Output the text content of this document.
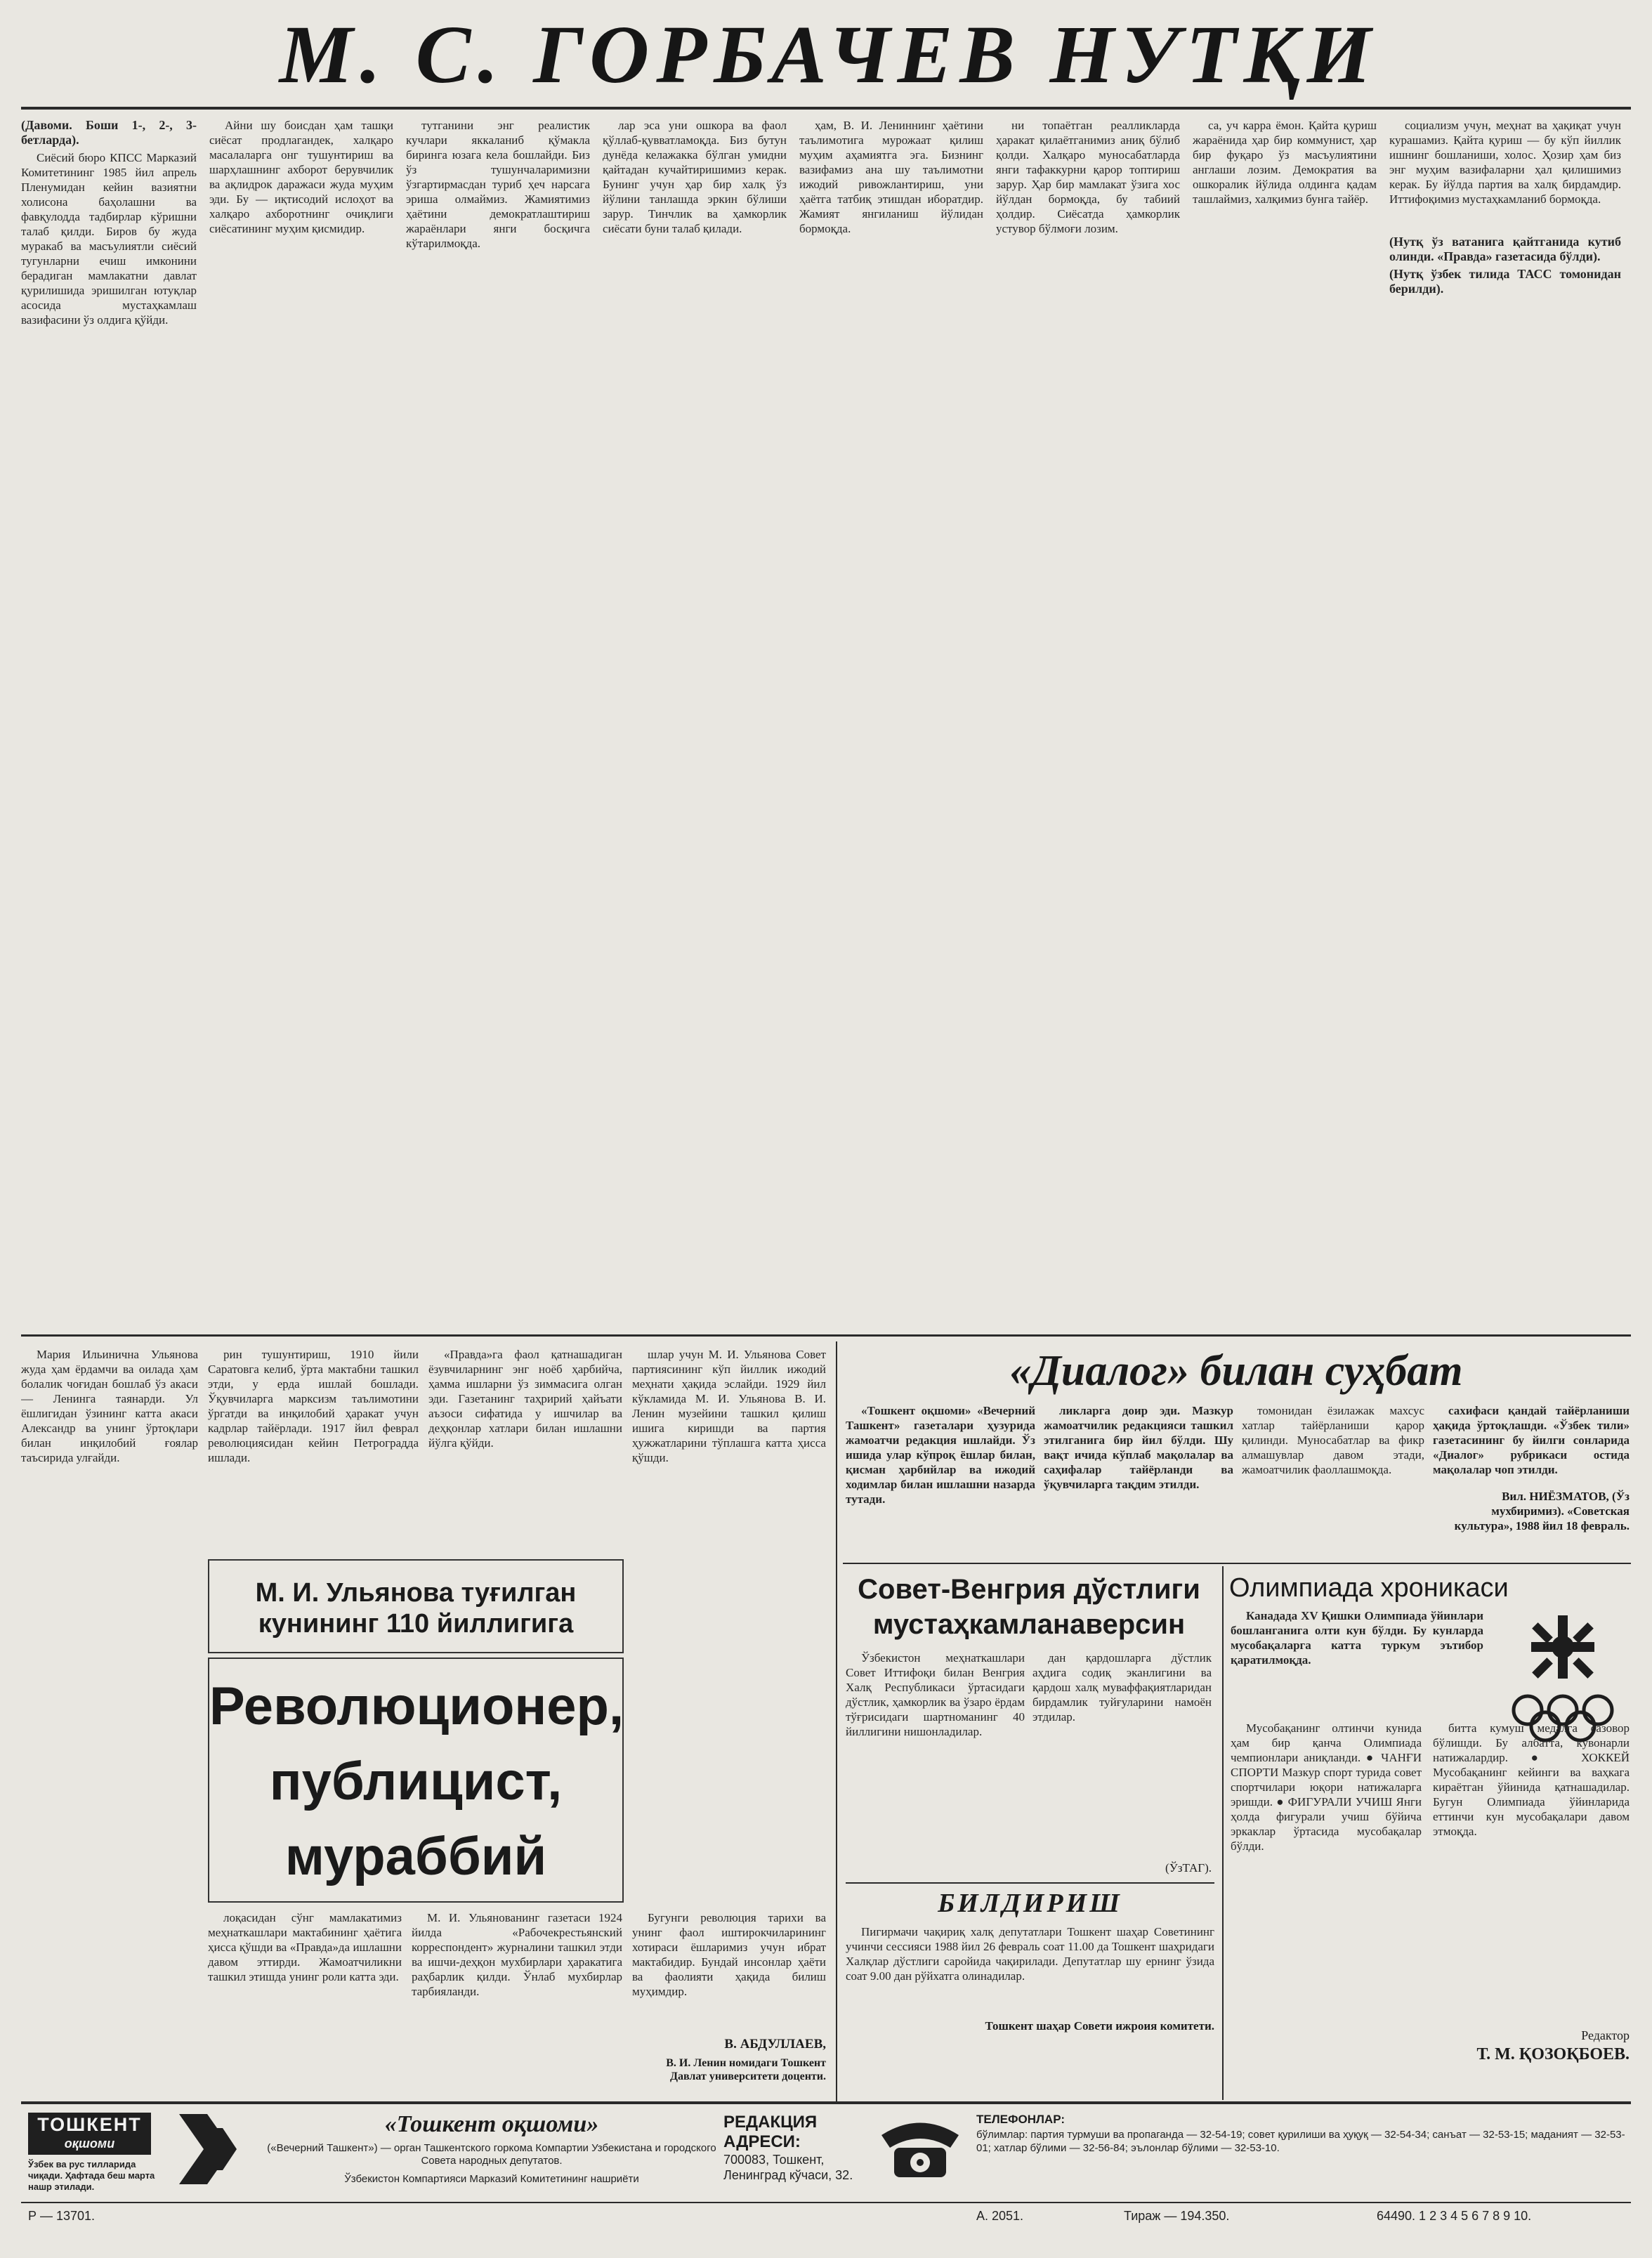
М. С. ГОРБАЧЕВ НУТҚИ

(Давоми. Боши 1-, 2-, 3-бетларда).

Сиёсий бюро КПСС Марказий Комитетининг 1985 йил апрель Пленумидан кейин вазиятни холисона баҳолашни ва фавқулодда тадбирлар кўришни талаб қилди. Биров бу жуда муракаб ва масъулиятли сиёсий тугунларни ечиш имконини берадиган мамлакатни давлат қурилишида эришилган ютуқлар асосида мустаҳкамлаш вазифасини ўз олдига қўйди.

Айни шу боисдан ҳам ташқи сиёсат продлагандек, халқаро масалаларга онг тушунтириш ва шарҳлашнинг ахборот берувчилик ва ақлидрок даражаси жуда муҳим эди. Бу — иқтисодий ислоҳот ва халқаро ахборотнинг очиқлиги сиёсатининг муҳим қисмидир.

тутганини энг реалистик кучлари яккаланиб қўмакла биринга юзага кела бошлайди. Биз ўз тушунчаларимизни ўзгартирмасдан туриб ҳеч нарсага эриша олмаймиз. Жамиятимиз ҳаётини демократлаштириш жараёнлари янги босқичга кўтарилмоқда.

лар эса уни ошкора ва фаол қўллаб-қувватламоқда. Биз бутун дунёда келажакка бўлган умидни қайтадан кучайтиришимиз керак. Бунинг учун ҳар бир халқ ўз йўлини танлашда эркин бўлиши зарур. Тинчлик ва ҳамкорлик сиёсати буни талаб қилади.

ҳам, В. И. Лениннинг ҳаётини таълимотига мурожаат қилиш муҳим аҳамиятга эга. Бизнинг вазифамиз ана шу таълимотни ижодий ривожлантириш, уни ҳаётга татбиқ этишдан иборатдир. Жамият янгиланиш йўлидан бормоқда.

ни топаётган реалликларда ҳаракат қилаётганимиз аниқ бўлиб қолди. Халқаро муносабатларда янги тафаккурни қарор топтириш зарур. Ҳар бир мамлакат ўзига хос йўлдан бормоқда, бу табиий ҳолдир. Сиёсатда ҳамкорлик устувор бўлмоғи лозим.

са, уч карра ёмон. Қайта қуриш жараёнида ҳар бир коммунист, ҳар бир фуқаро ўз масъулиятини англаши лозим. Демократия ва ошкоралик йўлида олдинга қадам ташлаймиз, халқимиз бунга тайёр.

социализм учун, меҳнат ва ҳақиқат учун курашамиз. Қайта қуриш — бу кўп йиллик ишнинг бошланиши, холос. Ҳозир ҳам биз энг муҳим вазифаларни ҳал қилишимиз керак. Бу йўлда партия ва халқ бирдамдир. Иттифоқимиз мустаҳкамланиб бормоқда.

(Нутқ ўз ватанига қайтганида кутиб олинди. «Правда» газетасида бўлди).

(Нутқ ўзбек тилида ТАСС томонидан берилди).

Мария Ильинична Ульянова жуда ҳам ёрдамчи ва оилада ҳам болалик чоғидан бошлаб ўз акаси — Ленинга таянарди. Ул ёшлигидан ўзининг катта акаси Александр ва унинг ўртоқлари билан инқилобий ғоялар таъсирида улғайди.

рин тушунтириш, 1910 йили Саратовга келиб, ўрта мактабни ташкил этди, у ерда ишлай бошлади. Ўқувчиларга марксизм таълимотини ўргатди ва инқилобий ҳаракат учун кадрлар тайёрлади. 1917 йил феврал революциясидан кейин Петроградда ишлади.

«Правда»га фаол қатнашадиган ёзувчиларнинг энг ноёб ҳарбийча, ҳамма ишларни ўз зиммасига олган эди. Газетанинг таҳририй ҳайъати аъзоси сифатида у ишчилар ва деҳқонлар хатлари билан ишлашни йўлга қўйди.

шлар учун М. И. Ульянова Совет партиясининг кўп йиллик ижодий меҳнати ҳақида эслайди. 1929 йил кўкламида М. И. Ульянова В. И. Ленин музейини ташкил қилиш ишига киришди ва партия ҳужжатларини тўплашга катта ҳисса қўшди.

М. И. Ульянова туғилган кунининг 110 йиллигига
Революционер,
публицист,
мураббий

лоқасидан сўнг мамлакатимиз меҳнаткашлари мактабининг ҳаётига ҳисса қўшди ва «Правда»да ишлашни давом эттирди. Жамоатчиликни ташкил этишда унинг роли катта эди.

М. И. Ульянованинг газетаси 1924 йилда «Рабочекрестьянский корреспондент» журналини ташкил этди ва ишчи-деҳқон мухбирлари ҳаракатига раҳбарлик қилди. Ўнлаб мухбирлар тарбияланди.

Бугунги революция тарихи ва унинг фаол иштирокчиларининг хотираси ёшларимиз учун ибрат мактабидир. Бундай инсонлар ҳаёти ва фаолияти ҳақида билиш муҳимдир.

В. АБДУЛЛАЕВ,
В. И. Ленин номидаги Тошкент Давлат университети доценти.
«Диалог» билан суҳбат

«Тошкент оқшоми» «Вечерний Ташкент» газеталари ҳузурида жамоатчи редакция ишлайди. Ўз ишида улар кўпроқ ёшлар билан, қисман ҳарбийлар ва ижодий ходимлар билан ишлашни назарда тутади.

ликларга доир эди. Мазкур жамоатчилик редакцияси ташкил этилганига бир йил бўлди. Шу вақт ичида кўплаб мақолалар ва саҳифалар тайёрланди ва ўқувчиларга тақдим этилди.

томонидан ёзилажак махсус хатлар тайёрланиши қарор қилинди. Муносабатлар ва фикр алмашувлар давом этади, жамоатчилик фаоллашмоқда.

сахифаси қандай тайёрланиши ҳақида ўртоқлашди. «Ўзбек тили» газетасининг бу йилги сонларида «Диалог» рубрикаси остида мақолалар чоп этилди.

Вил. НИЁЗМАТОВ, (Ўз мухбиримиз). «Советская культура», 1988 йил 18 февраль.
Совет-Венгрия дўстлиги
мустаҳкамланаверсин

Ўзбекистон меҳнаткашлари Совет Иттифоқи билан Венгрия Халқ Республикаси ўртасидаги дўстлик, ҳамкорлик ва ўзаро ёрдам тўғрисидаги шартноманинг 40 йиллигини нишонладилар.

дан қардошларга дўстлик аҳдига содиқ эканлигини ва қардош халқ муваффақиятларидан бирдамлик туйғуларини намоён этдилар.

(ЎзТАГ).
БИЛДИРИШ

Пигирмачи чақириқ халқ депутатлари Тошкент шаҳар Советининг учинчи сессияси 1988 йил 26 февраль соат 11.00 да Тошкент шаҳридаги Халқлар дўстлиги саройида чақирилади. Депутатлар шу ернинг ўзида соат 9.00 дан рўйхатга олинадилар.

Тошкент шаҳар Совети ижроия комитети.
Олимпиада хроникаси

Канадада XV Қишки Олимпиада ўйинлари бошланганига олти кун бўлди. Бу кунларда мусобақаларга катта туркум эътибор қаратилмоқда.

Мусобақанинг олтинчи кунида ҳам бир қанча Олимпиада чемпионлари аниқланди. ● ЧАНҒИ СПОРТИ Мазкур спорт турида совет спортчилари юқори натижаларга эришди. ● ФИГУРАЛИ УЧИШ Янги ҳолда фигурали учиш бўйича эркаклар ўртасида мусобақалар бўлди.

битта кумуш медалга сазовор бўлишди. Бу албатта, кувонарли натижалардир. ● ХОККЕЙ Мусобақанинг кейинги ва ваҳкага кираётган ўйинида қатнашадилар. Бугун Олимпиада ўйинларида еттинчи кун мусобақалари давом этмоқда.

Редактор
Т. М. ҚОЗОҚБОЕВ.
ТОШКЕНТ
оқшоми
Ўзбек ва рус тилларида чиқади. Ҳафтада беш марта нашр этилади.
«Тошкент оқшоми»
(«Вечерний Ташкент») — орган Ташкентского горкома Компартии Узбекистана и городского Совета народных депутатов.
Ўзбекистон Компартияси Марказий Комитетининг нашриёти
РЕДАКЦИЯ АДРЕСИ:
700083, Тошкент, Ленинград кўчаси, 32.
ТЕЛЕФОНЛАР:
бўлимлар: партия турмуши ва пропаганда — 32-54-19; совет қурилиши ва ҳуқуқ — 32-54-34; санъат — 32-53-15; маданият — 32-53-01; хатлар бўлими — 32-56-84; эълонлар бўлими — 32-53-10.
Р — 13701.	А. 2051.	Тираж — 194.350.	64490. 1 2 3 4 5 6 7 8 9 10.
